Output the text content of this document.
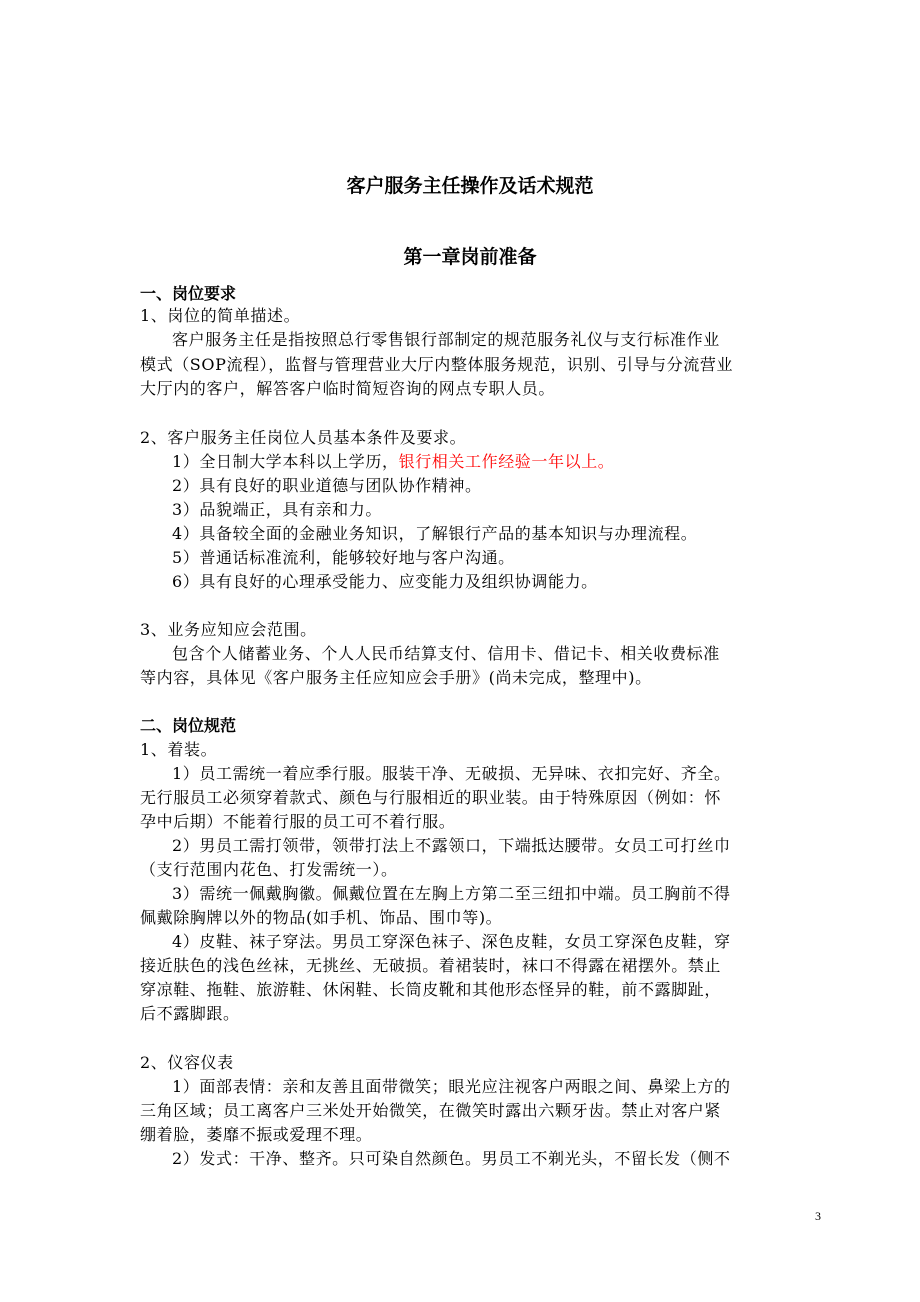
客户服务主任操作及话术规范
第一章岗前准备
一、岗位要求
1、岗位的简单描述。
客户服务主任是指按照总行零售银行部制定的规范服务礼仪与支行标准作业
模式（SOP流程），监督与管理营业大厅内整体服务规范，识别、引导与分流营业
大厅内的客户，解答客户临时简短咨询的网点专职人员。
2、客户服务主任岗位人员基本条件及要求。
1）全日制大学本科以上学历，银行相关工作经验一年以上。
2）具有良好的职业道德与团队协作精神。
3）品貌端正，具有亲和力。
4）具备较全面的金融业务知识，了解银行产品的基本知识与办理流程。
5）普通话标准流利，能够较好地与客户沟通。
6）具有良好的心理承受能力、应变能力及组织协调能力。
3、业务应知应会范围。
包含个人储蓄业务、个人人民币结算支付、信用卡、借记卡、相关收费标准
等内容，具体见《客户服务主任应知应会手册》(尚未完成，整理中)。
二、岗位规范
1、着装。
1）员工需统一着应季行服。服装干净、无破损、无异味、衣扣完好、齐全。
无行服员工必须穿着款式、颜色与行服相近的职业装。由于特殊原因（例如：怀
孕中后期）不能着行服的员工可不着行服。
2）男员工需打领带，领带打法上不露领口，下端抵达腰带。女员工可打丝巾
（支行范围内花色、打发需统一）。
3）需统一佩戴胸徽。佩戴位置在左胸上方第二至三纽扣中端。员工胸前不得
佩戴除胸牌以外的物品(如手机、饰品、围巾等)。
4）皮鞋、袜子穿法。男员工穿深色袜子、深色皮鞋，女员工穿深色皮鞋，穿
接近肤色的浅色丝袜，无挑丝、无破损。着裙装时，袜口不得露在裙摆外。禁止
穿凉鞋、拖鞋、旅游鞋、休闲鞋、长筒皮靴和其他形态怪异的鞋，前不露脚趾，
后不露脚跟。
2、仪容仪表
1）面部表情：亲和友善且面带微笑；眼光应注视客户两眼之间、鼻梁上方的
三角区域；员工离客户三米处开始微笑，在微笑时露出六颗牙齿。禁止对客户紧
绷着脸，萎靡不振或爱理不理。
2）发式：干净、整齐。只可染自然颜色。男员工不剃光头，不留长发（侧不
3
